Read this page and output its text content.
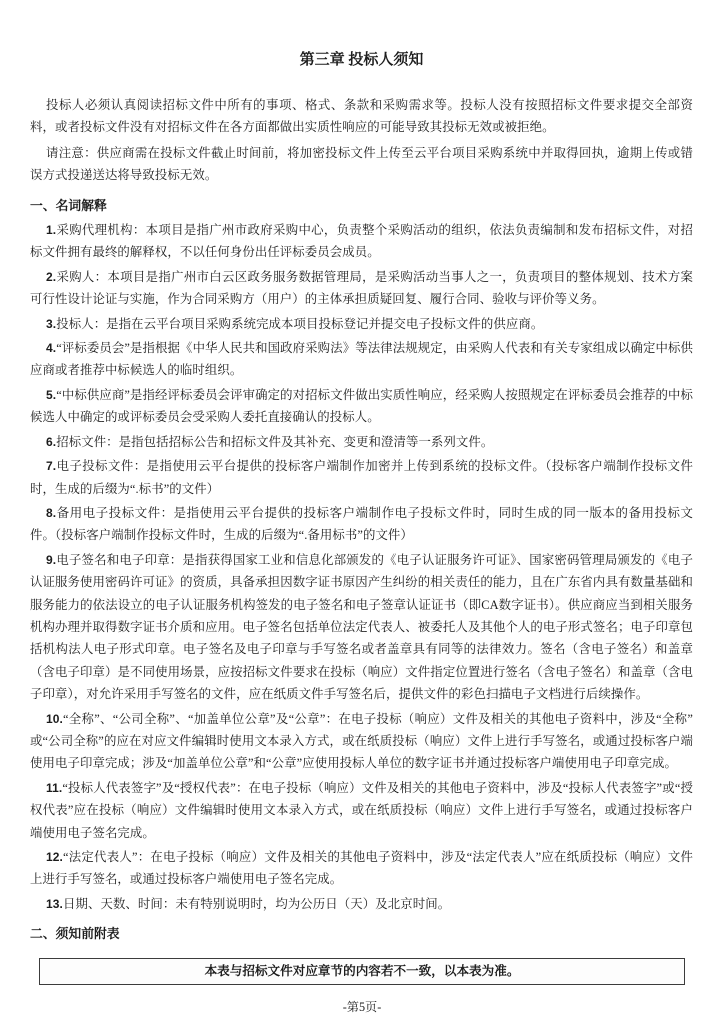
第三章 投标人须知

投标人必须认真阅读招标文件中所有的事项、格式、条款和采购需求等。投标人没有按照招标文件要求提交全部资料，或者投标文件没有对招标文件在各方面都做出实质性响应的可能导致其投标无效或被拒绝。

请注意：供应商需在投标文件截止时间前，将加密投标文件上传至云平台项目采购系统中并取得回执，逾期上传或错误方式投递送达将导致投标无效。

一、名词解释

1.采购代理机构：本项目是指广州市政府采购中心，负责整个采购活动的组织，依法负责编制和发布招标文件，对招标文件拥有最终的解释权，不以任何身份出任评标委员会成员。

2.采购人：本项目是指广州市白云区政务服务数据管理局，是采购活动当事人之一，负责项目的整体规划、技术方案可行性设计论证与实施，作为合同采购方（用户）的主体承担质疑回复、履行合同、验收与评价等义务。

3.投标人：是指在云平台项目采购系统完成本项目投标登记并提交电子投标文件的供应商。

4.“评标委员会”是指根据《中华人民共和国政府采购法》等法律法规规定，由采购人代表和有关专家组成以确定中标供应商或者推荐中标候选人的临时组织。

5.“中标供应商”是指经评标委员会评审确定的对招标文件做出实质性响应，经采购人按照规定在评标委员会推荐的中标候选人中确定的或评标委员会受采购人委托直接确认的投标人。

6.招标文件：是指包括招标公告和招标文件及其补充、变更和澄清等一系列文件。

7.电子投标文件：是指使用云平台提供的投标客户端制作加密并上传到系统的投标文件。（投标客户端制作投标文件时，生成的后缀为“.标书”的文件）

8.备用电子投标文件：是指使用云平台提供的投标客户端制作电子投标文件时，同时生成的同一版本的备用投标文件。（投标客户端制作投标文件时，生成的后缀为“.备用标书”的文件）

9.电子签名和电子印章：是指获得国家工业和信息化部颁发的《电子认证服务许可证》、国家密码管理局颁发的《电子认证服务使用密码许可证》的资质，具备承担因数字证书原因产生纠纷的相关责任的能力，且在广东省内具有数量基础和服务能力的依法设立的电子认证服务机构签发的电子签名和电子签章认证证书（即CA数字证书）。供应商应当到相关服务机构办理并取得数字证书介质和应用。电子签名包括单位法定代表人、被委托人及其他个人的电子形式签名；电子印章包括机构法人电子形式印章。电子签名及电子印章与手写签名或者盖章具有同等的法律效力。签名（含电子签名）和盖章（含电子印章）是不同使用场景，应按招标文件要求在投标（响应）文件指定位置进行签名（含电子签名）和盖章（含电子印章），对允许采用手写签名的文件，应在纸质文件手写签名后，提供文件的彩色扫描电子文档进行后续操作。

10.“全称”、“公司全称”、“加盖单位公章”及“公章”：在电子投标（响应）文件及相关的其他电子资料中，涉及“全称”或“公司全称”的应在对应文件编辑时使用文本录入方式，或在纸质投标（响应）文件上进行手写签名，或通过投标客户端使用电子印章完成；涉及“加盖单位公章”和“公章”应使用投标人单位的数字证书并通过投标客户端使用电子印章完成。

11.“投标人代表签字”及“授权代表”：在电子投标（响应）文件及相关的其他电子资料中，涉及“投标人代表签字”或“授权代表”应在投标（响应）文件编辑时使用文本录入方式，或在纸质投标（响应）文件上进行手写签名，或通过投标客户端使用电子签名完成。

12.“法定代表人”：在电子投标（响应）文件及相关的其他电子资料中，涉及“法定代表人”应在纸质投标（响应）文件上进行手写签名，或通过投标客户端使用电子签名完成。

13.日期、天数、时间：未有特别说明时，均为公历日（天）及北京时间。

二、须知前附表
本表与招标文件对应章节的内容若不一致，以本表为准。
-第5页-
